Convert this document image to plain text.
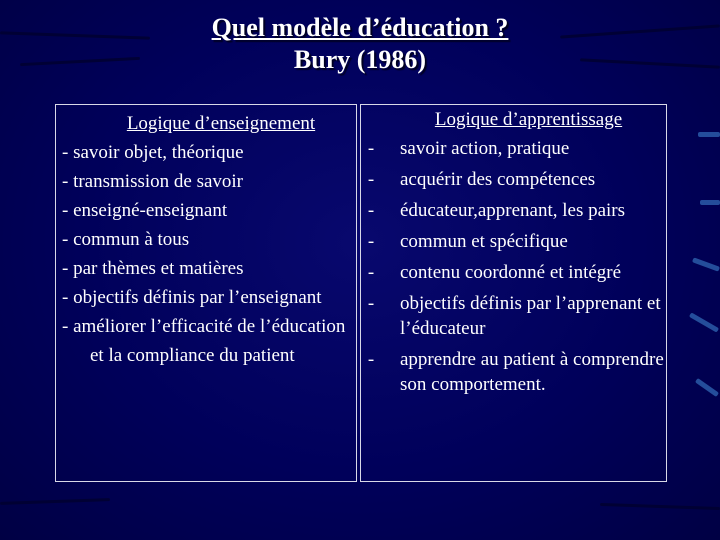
Quel modèle d’éducation ?
Bury (1986)
Logique d’enseignement
- savoir objet, théorique
- transmission de savoir
- enseigné-enseignant
- commun à tous
- par thèmes et matières
- objectifs définis par l’enseignant
- améliorer l’efficacité de l’éducation et la compliance du patient
Logique d’apprentissage
-	savoir action, pratique
-	acquérir des compétences
-	éducateur,apprenant, les pairs
-	commun et spécifique
-	contenu coordonné et intégré
-	objectifs définis par l’apprenant et l’éducateur
-	apprendre au patient à comprendre son comportement.
